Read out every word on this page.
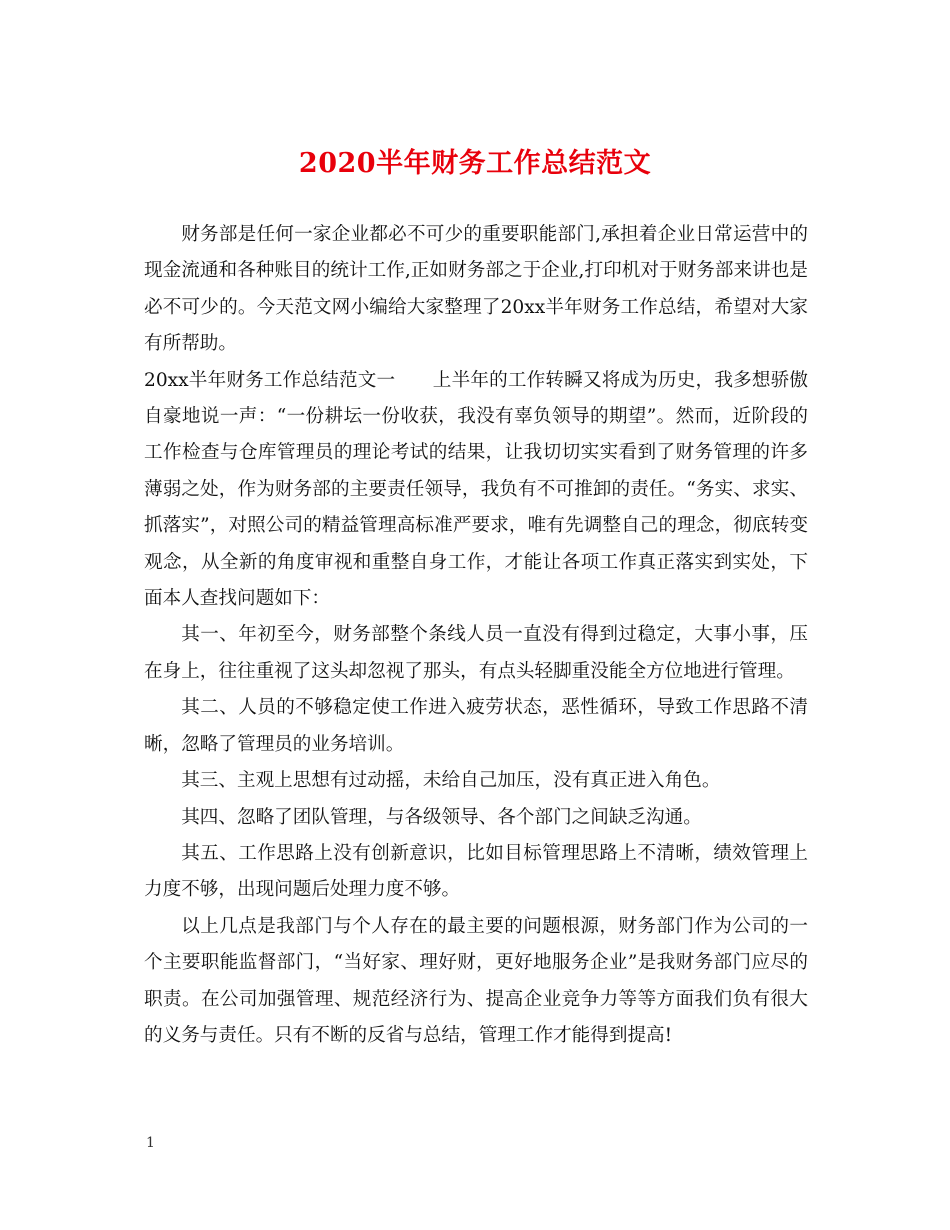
2020半年财务工作总结范文

财务部是任何一家企业都必不可少的重要职能部门,承担着企业日常运营中的现金流通和各种账目的统计工作,正如财务部之于企业,打印机对于财务部来讲也是必不可少的。今天范文网小编给大家整理了20xx半年财务工作总结，希望对大家有所帮助。

20xx半年财务工作总结范文一　　上半年的工作转瞬又将成为历史，我多想骄傲自豪地说一声：“一份耕坛一份收获，我没有辜负领导的期望”。然而，近阶段的工作检查与仓库管理员的理论考试的结果，让我切切实实看到了财务管理的许多薄弱之处，作为财务部的主要责任领导，我负有不可推卸的责任。“务实、求实、抓落实”，对照公司的精益管理高标准严要求，唯有先调整自己的理念，彻底转变观念，从全新的角度审视和重整自身工作，才能让各项工作真正落实到实处，下面本人查找问题如下：

其一、年初至今，财务部整个条线人员一直没有得到过稳定，大事小事，压在身上，往往重视了这头却忽视了那头，有点头轻脚重没能全方位地进行管理。

其二、人员的不够稳定使工作进入疲劳状态，恶性循环，导致工作思路不清晰，忽略了管理员的业务培训。

其三、主观上思想有过动摇，未给自己加压，没有真正进入角色。

其四、忽略了团队管理，与各级领导、各个部门之间缺乏沟通。

其五、工作思路上没有创新意识，比如目标管理思路上不清晰，绩效管理上力度不够，出现问题后处理力度不够。

以上几点是我部门与个人存在的最主要的问题根源，财务部门作为公司的一个主要职能监督部门，“当好家、理好财，更好地服务企业”是我财务部门应尽的职责。在公司加强管理、规范经济行为、提高企业竞争力等等方面我们负有很大的义务与责任。只有不断的反省与总结，管理工作才能得到提高!

1
